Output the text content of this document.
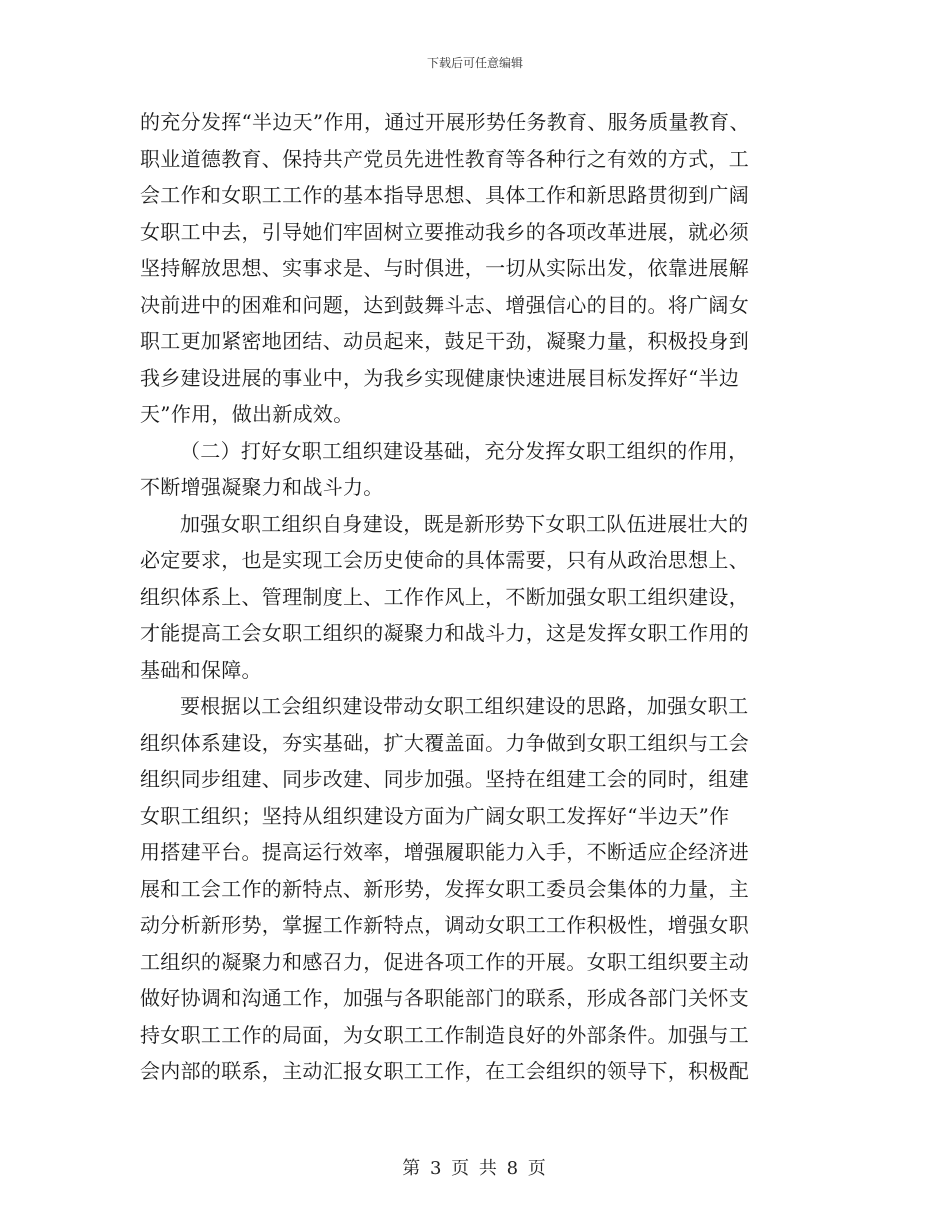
下载后可任意编辑
的充分发挥“半边天”作用，通过开展形势任务教育、服务质量教育、
职业道德教育、保持共产党员先进性教育等各种行之有效的方式，工
会工作和女职工工作的基本指导思想、具体工作和新思路贯彻到广阔
女职工中去，引导她们牢固树立要推动我乡的各项改革进展，就必须
坚持解放思想、实事求是、与时俱进，一切从实际出发，依靠进展解
决前进中的困难和问题，达到鼓舞斗志、增强信心的目的。将广阔女
职工更加紧密地团结、动员起来，鼓足干劲，凝聚力量，积极投身到
我乡建设进展的事业中，为我乡实现健康快速进展目标发挥好“半边
天”作用，做出新成效。
（二）打好女职工组织建设基础，充分发挥女职工组织的作用，
不断增强凝聚力和战斗力。
加强女职工组织自身建设，既是新形势下女职工队伍进展壮大的
必定要求，也是实现工会历史使命的具体需要，只有从政治思想上、
组织体系上、管理制度上、工作作风上，不断加强女职工组织建设，
才能提高工会女职工组织的凝聚力和战斗力，这是发挥女职工作用的
基础和保障。
要根据以工会组织建设带动女职工组织建设的思路，加强女职工
组织体系建设，夯实基础，扩大覆盖面。力争做到女职工组织与工会
组织同步组建、同步改建、同步加强。坚持在组建工会的同时，组建
女职工组织；坚持从组织建设方面为广阔女职工发挥好“半边天”作
用搭建平台。提高运行效率，增强履职能力入手，不断适应企经济进
展和工会工作的新特点、新形势，发挥女职工委员会集体的力量，主
动分析新形势，掌握工作新特点，调动女职工工作积极性，增强女职
工组织的凝聚力和感召力，促进各项工作的开展。女职工组织要主动
做好协调和沟通工作，加强与各职能部门的联系，形成各部门关怀支
持女职工工作的局面，为女职工工作制造良好的外部条件。加强与工
会内部的联系，主动汇报女职工工作，在工会组织的领导下，积极配
第 3 页 共 8 页
